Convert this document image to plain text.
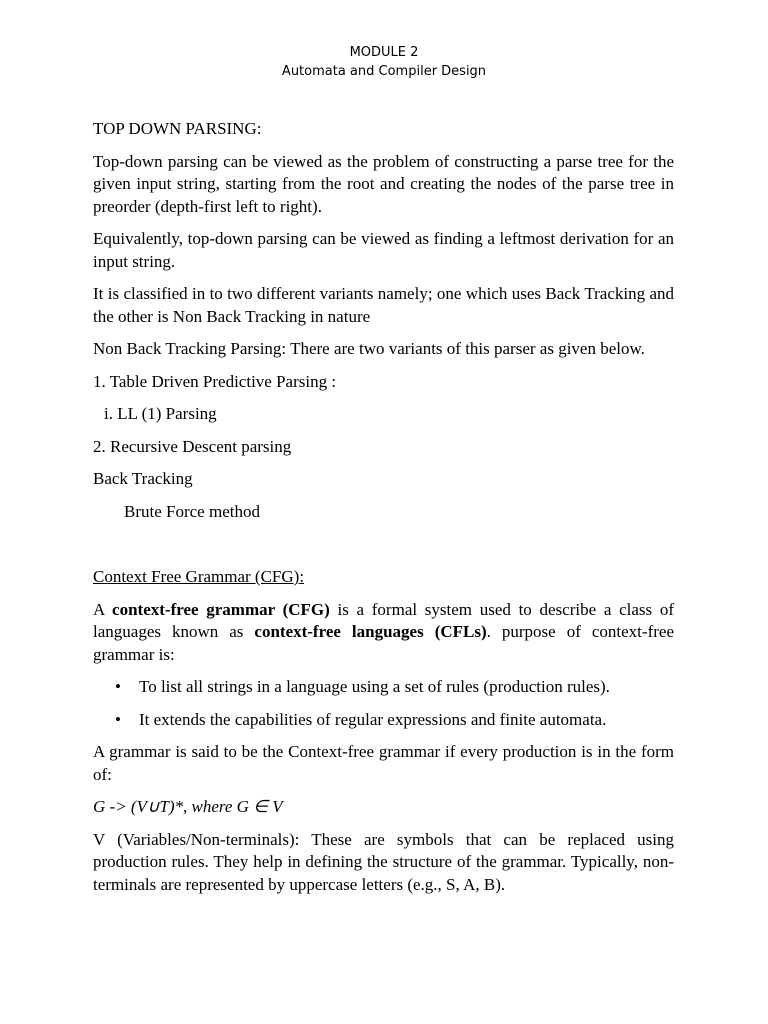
MODULE 2
Automata and Compiler Design

TOP DOWN PARSING:

Top-down parsing can be viewed as the problem of constructing a parse tree for the given input string, starting from the root and creating the nodes of the parse tree in preorder (depth-first left to right).

Equivalently, top-down parsing can be viewed as finding a leftmost derivation for an input string.

It is classified in to two different variants namely; one which uses Back Tracking and the other is Non Back Tracking in nature

Non Back Tracking Parsing: There are two variants of this parser as given below.

1. Table Driven Predictive Parsing :

i. LL (1) Parsing

2. Recursive Descent parsing

Back Tracking

Brute Force method

Context Free Grammar (CFG):

A context-free grammar (CFG) is a formal system used to describe a class of languages known as context-free languages (CFLs). purpose of context-free grammar is:

• To list all strings in a language using a set of rules (production rules).
• It extends the capabilities of regular expressions and finite automata.

A grammar is said to be the Context-free grammar if every production is in the form of:

G -> (V∪T)*, where G ∈ V

V (Variables/Non-terminals): These are symbols that can be replaced using production rules. They help in defining the structure of the grammar. Typically, non-terminals are represented by uppercase letters (e.g., S, A, B).
